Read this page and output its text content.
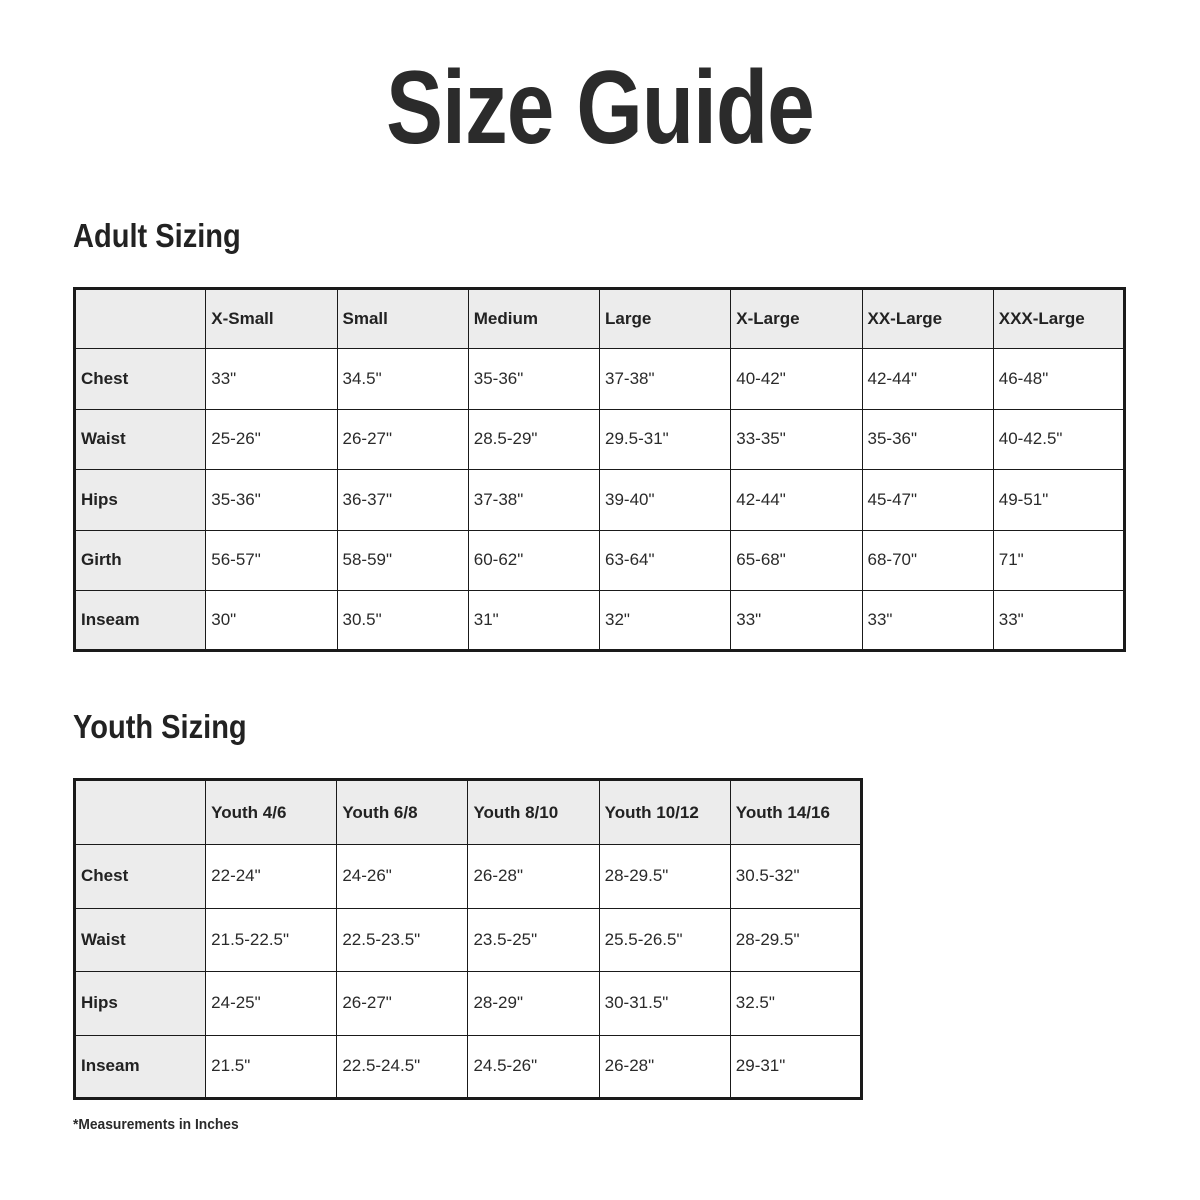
Size Guide
Adult Sizing
	X-Small	Small	Medium	Large	X-Large	XX-Large	XXX-Large
Chest	33"	34.5"	35-36"	37-38"	40-42"	42-44"	46-48"
Waist	25-26"	26-27"	28.5-29"	29.5-31"	33-35"	35-36"	40-42.5"
Hips	35-36"	36-37"	37-38"	39-40"	42-44"	45-47"	49-51"
Girth	56-57"	58-59"	60-62"	63-64"	65-68"	68-70"	71"
Inseam	30"	30.5"	31"	32"	33"	33"	33"
Youth Sizing
	Youth 4/6	Youth 6/8	Youth 8/10	Youth 10/12	Youth 14/16
Chest	22-24"	24-26"	26-28"	28-29.5"	30.5-32"
Waist	21.5-22.5"	22.5-23.5"	23.5-25"	25.5-26.5"	28-29.5"
Hips	24-25"	26-27"	28-29"	30-31.5"	32.5"
Inseam	21.5"	22.5-24.5"	24.5-26"	26-28"	29-31"
*Measurements in Inches
